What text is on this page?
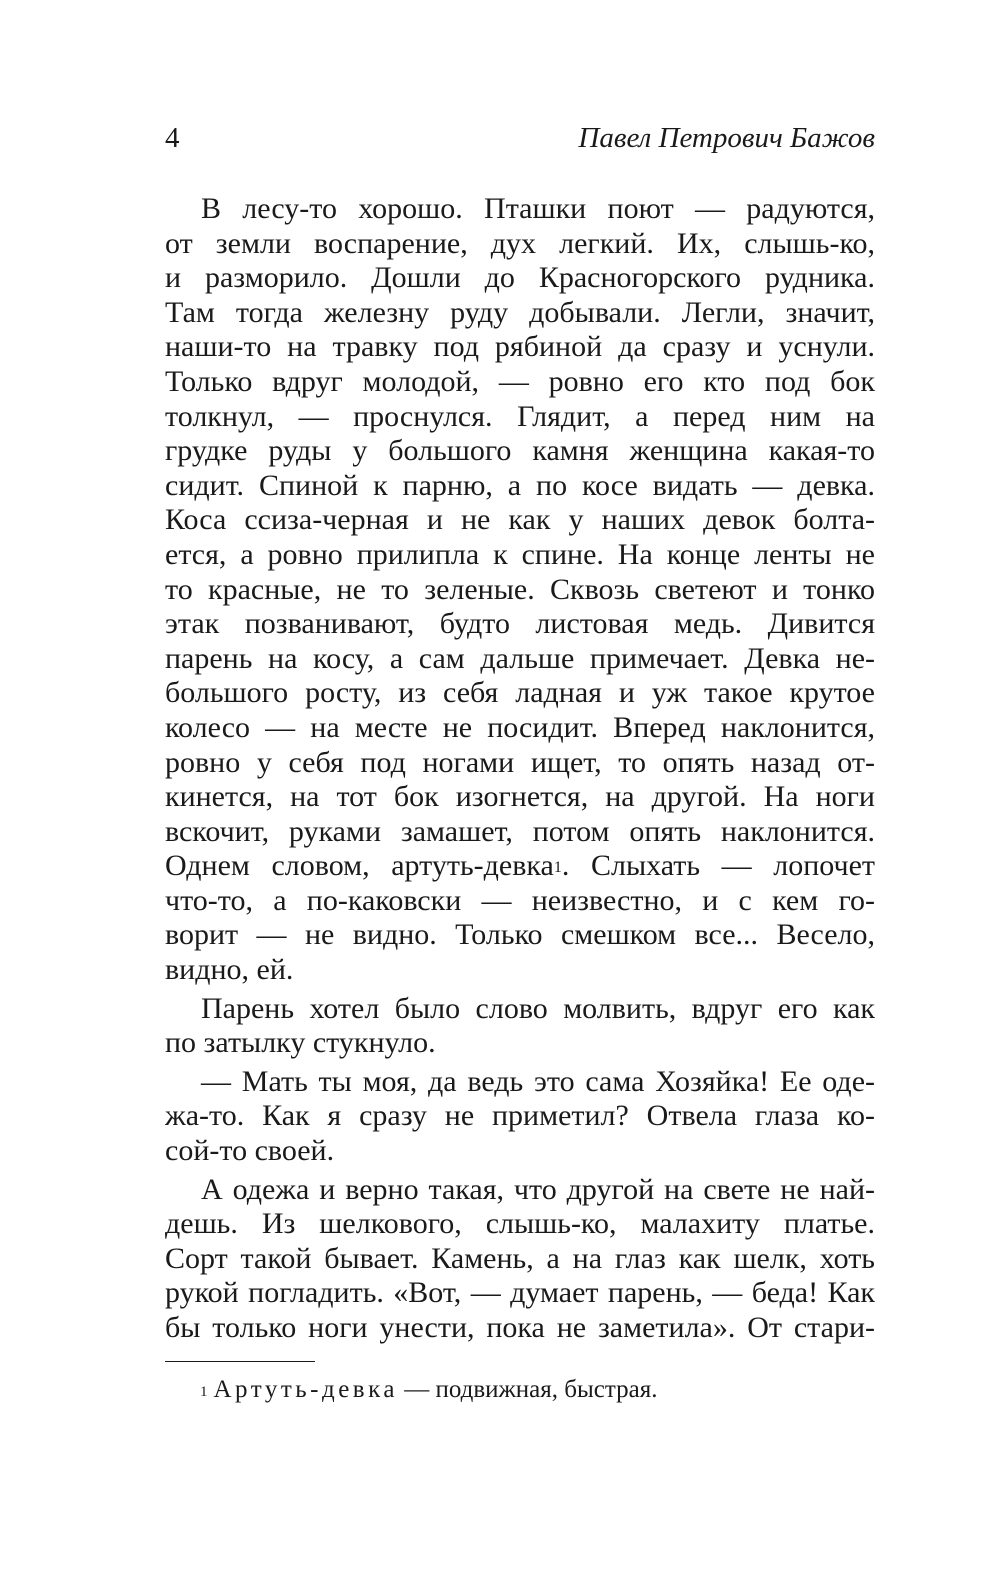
4	Павел Петрович Бажов

В лесу-то хорошо. Пташки поют — радуются,
от земли воспарение, дух легкий. Их, слышь-ко,
и разморило. Дошли до Красногорского рудника.
Там тогда железну руду добывали. Легли, значит,
наши-то на травку под рябиной да сразу и уснули.
Только вдруг молодой, — ровно его кто под бок
толкнул, — проснулся. Глядит, а перед ним на
грудке руды у большого камня женщина какая-то
сидит. Спиной к парню, а по косе видать — девка.
Коса ссиза-черная и не как у наших девок болта-
ется, а ровно прилипла к спине. На конце ленты не
то красные, не то зеленые. Сквозь светеют и тонко
этак позванивают, будто листовая медь. Дивится
парень на косу, а сам дальше примечает. Девка не-
большого росту, из себя ладная и уж такое крутое
колесо — на месте не посидит. Вперед наклонится,
ровно у себя под ногами ищет, то опять назад от-
кинется, на тот бок изогнется, на другой. На ноги
вскочит, руками замашет, потом опять наклонится.
Однем словом, артуть-девка$^1$. Слыхать — лопочет
что-то, а по-каковски — неизвестно, и с кем го-
ворит — не видно. Только смешком все... Весело,
видно, ей.

Парень хотел было слово молвить, вдруг его как
по затылку стукнуло.

— Мать ты моя, да ведь это сама Хозяйка! Ее оде-
жа-то. Как я сразу не приметил? Отвела глаза ко-
сой-то своей.

А одежа и верно такая, что другой на свете не най-
дешь. Из шелкового, слышь-ко, малахиту платье.
Сорт такой бывает. Камень, а на глаз как шелк, хоть
рукой погладить. «Вот, — думает парень, — беда! Как
бы только ноги унести, пока не заметила». От стари-

$^1$ Артуть-девка — подвижная, быстрая.
